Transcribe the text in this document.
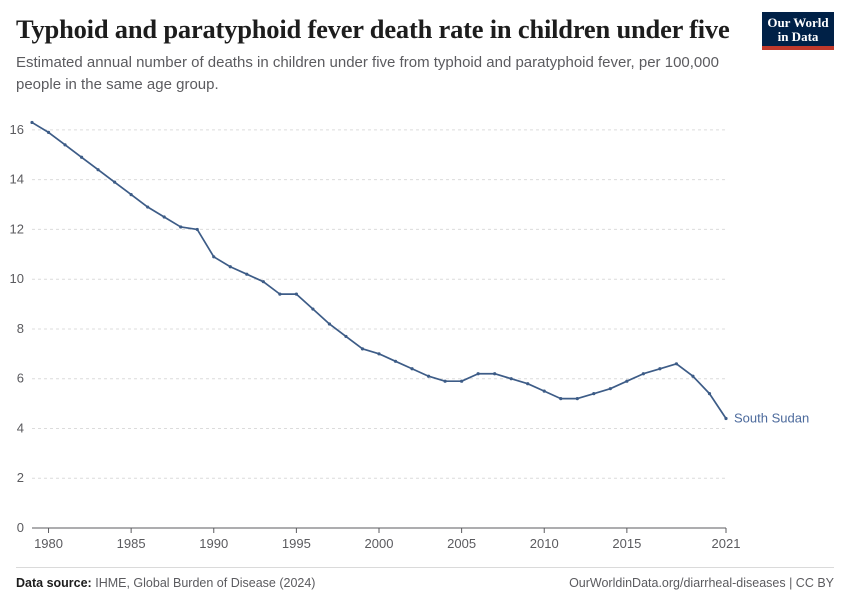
Typhoid and paratyphoid fever death rate in children under five

Estimated annual number of deaths in children under five from typhoid and paratyphoid fever, per 100,000 people in the same age group.

Our World
in Data
0
2
4
6
8
10
12
14
16
1980	1985	1990	1995	2000	2005	2010	2015	2021
South Sudan
Data source: IHME, Global Burden of Disease (2024)	OurWorldinData.org/diarrheal-diseases | CC BY
